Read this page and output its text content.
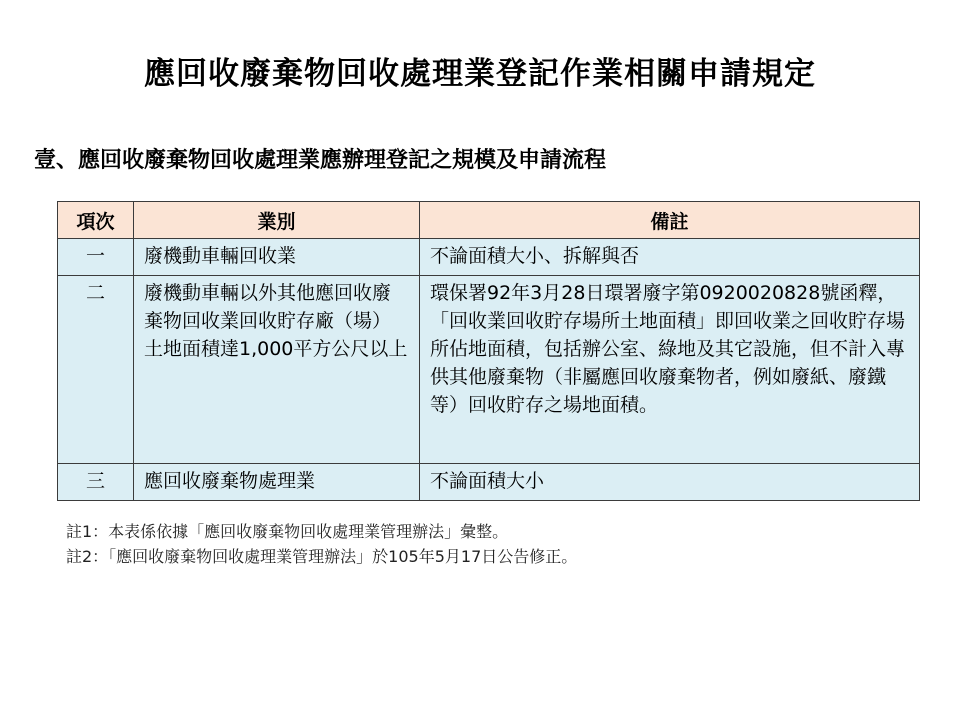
應回收廢棄物回收處理業登記作業相關申請規定
壹、應回收廢棄物回收處理業應辦理登記之規模及申請流程
項次	業別	備註
一	廢機動車輛回收業	不論面積大小、拆解與否
二	廢機動車輛以外其他應回收廢棄物回收業回收貯存廠（場）土地面積達1,000平方公尺以上	環保署92年3月28日環署廢字第0920020828號函釋，「回收業回收貯存場所土地面積」即回收業之回收貯存場所佔地面積，包括辦公室、綠地及其它設施，但不計入專供其他廢棄物（非屬應回收廢棄物者，例如廢紙、廢鐵等）回收貯存之場地面積。
三	應回收廢棄物處理業	不論面積大小
註1：本表係依據「應回收廢棄物回收處理業管理辦法」彙整。
註2：「應回收廢棄物回收處理業管理辦法」於105年5月17日公告修正。
